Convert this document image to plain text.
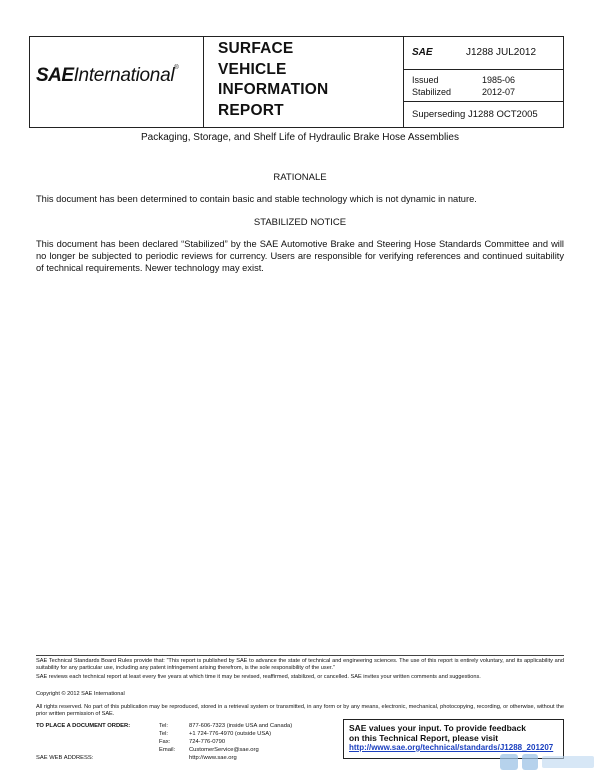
SAEInternational®
SURFACE
VEHICLE
INFORMATION
REPORT
SAE	J1288 JUL2012
Issued	1985-06
Stabilized	2012-07
Superseding J1288 OCT2005
Packaging, Storage, and Shelf Life of Hydraulic Brake Hose Assemblies
RATIONALE
This document has been determined to contain basic and stable technology which is not dynamic in nature.
STABILIZED NOTICE
This document has been declared “Stabilized” by the SAE Automotive Brake and Steering Hose Standards Committee and will no longer be subjected to periodic reviews for currency. Users are responsible for verifying references and continued suitability of technical requirements. Newer technology may exist.
SAE Technical Standards Board Rules provide that: “This report is published by SAE to advance the state of technical and engineering sciences. The use of this report is entirely voluntary, and its applicability and suitability for any particular use, including any patent infringement arising therefrom, is the sole responsibility of the user.”
SAE reviews each technical report at least every five years at which time it may be revised, reaffirmed, stabilized, or cancelled. SAE invites your written comments and suggestions.
Copyright © 2012 SAE International
All rights reserved. No part of this publication may be reproduced, stored in a retrieval system or transmitted, in any form or by any means, electronic, mechanical, photocopying, recording, or otherwise, without the prior written permission of SAE.
TO PLACE A DOCUMENT ORDER:	Tel:	877-606-7323 (inside USA and Canada)
Tel:	+1 724-776-4970 (outside USA)
Fax:	724-776-0790
Email: CustomerService@sae.org
SAE WEB ADDRESS:	http://www.sae.org
SAE values your input. To provide feedback
on this Technical Report, please visit
http://www.sae.org/technical/standards/J1288_201207
